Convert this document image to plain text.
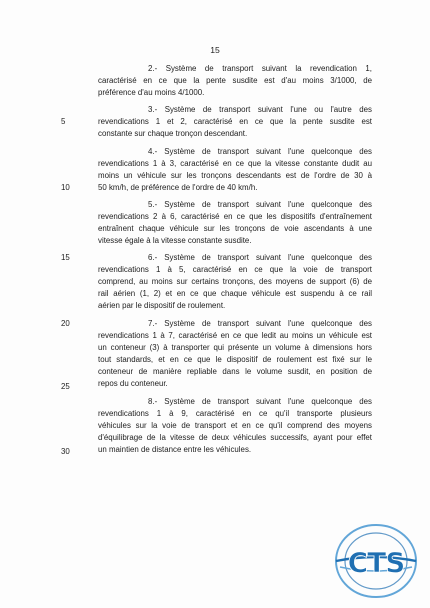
15
2.- Système de transport suivant la revendication 1,
caractérisé en ce que la pente susdite est d'au moins 3/1000, de
préférence d'au moins 4/1000.
3.- Système de transport suivant l'une ou l'autre des
revendications 1 et 2, caractérisé en ce que la pente susdite est
constante sur chaque tronçon descendant.
4.- Système de transport suivant l'une quelconque des
revendications 1 à 3, caractérisé en ce que la vitesse constante dudit au
moins un véhicule sur les tronçons descendants est de l'ordre de 30 à
50 km/h, de préférence de l'ordre de 40 km/h.
5.- Système de transport suivant l'une quelconque des
revendications 2 à 6, caractérisé en ce que les dispositifs d'entraînement
entraînent chaque véhicule sur les tronçons de voie ascendants à une
vitesse égale à la vitesse constante susdite.
6.- Système de transport suivant l'une quelconque des
revendications 1 à 5, caractérisé en ce que la voie de transport
comprend, au moins sur certains tronçons, des moyens de support (6) de
rail aérien (1, 2) et en ce que chaque véhicule est suspendu à ce rail
aérien par le dispositif de roulement.
7.- Système de transport suivant l'une quelconque des
revendications 1 à 7, caractérisé en ce que ledit au moins un véhicule est
un conteneur (3) à transporter qui présente un volume à dimensions hors
tout standards, et en ce que le dispositif de roulement est fixé sur le
conteneur de manière repliable dans le volume susdit, en position de
repos du conteneur.
8.- Système de transport suivant l'une quelconque des
revendications 1 à 9, caractérisé en ce qu'il transporte plusieurs
véhicules sur la voie de transport et en ce qu'il comprend des moyens
d'équilibrage de la vitesse de deux véhicules successifs, ayant pour effet
un maintien de distance entre les véhicules.
5
10
15
20
25
30
CTS
